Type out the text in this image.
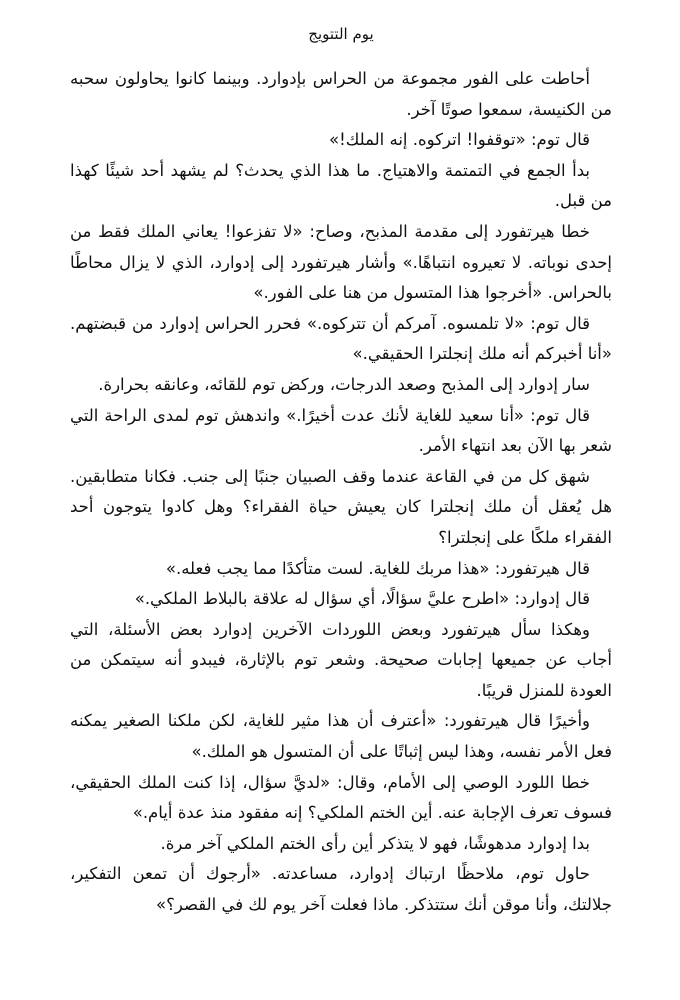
يوم التتويج

أحاطت على الفور مجموعة من الحراس بإدوارد. وبينما كانوا يحاولون سحبه من الكنيسة، سمعوا صوتًا آخر.

قال توم: «توقفوا! اتركوه. إنه الملك!»

بدأ الجمع في التمتمة والاهتياج. ما هذا الذي يحدث؟ لم يشهد أحد شيئًا كهذا من قبل.

خطا هيرتفورد إلى مقدمة المذبح، وصاح: «لا تفزعوا! يعاني الملك فقط من إحدى نوباته. لا تعيروه انتباهًا.» وأشار هيرتفورد إلى إدوارد، الذي لا يزال محاطًا بالحراس. «أخرجوا هذا المتسول من هنا على الفور.»

قال توم: «لا تلمسوه. آمركم أن تتركوه.» فحرر الحراس إدوارد من قبضتهم. «أنا أخبركم أنه ملك إنجلترا الحقيقي.»

سار إدوارد إلى المذبح وصعد الدرجات، وركض توم للقائه، وعانقه بحرارة.

قال توم: «أنا سعيد للغاية لأنك عدت أخيرًا.» واندهش توم لمدى الراحة التي شعر بها الآن بعد انتهاء الأمر.

شهق كل من في القاعة عندما وقف الصبيان جنبًا إلى جنب. فكانا متطابقين. هل يُعقل أن ملك إنجلترا كان يعيش حياة الفقراء؟ وهل كادوا يتوجون أحد الفقراء ملكًا على إنجلترا؟

قال هيرتفورد: «هذا مربك للغاية. لست متأكدًا مما يجب فعله.»

قال إدوارد: «اطرح عليَّ سؤالًا، أي سؤال له علاقة بالبلاط الملكي.»

وهكذا سأل هيرتفورد وبعض اللوردات الآخرين إدوارد بعض الأسئلة، التي أجاب عن جميعها إجابات صحيحة. وشعر توم بالإثارة، فيبدو أنه سيتمكن من العودة للمنزل قريبًا.

وأخيرًا قال هيرتفورد: «أعترف أن هذا مثير للغاية، لكن ملكنا الصغير يمكنه فعل الأمر نفسه، وهذا ليس إثباتًا على أن المتسول هو الملك.»

خطا اللورد الوصي إلى الأمام، وقال: «لديَّ سؤال، إذا كنت الملك الحقيقي، فسوف تعرف الإجابة عنه. أين الختم الملكي؟ إنه مفقود منذ عدة أيام.»

بدا إدوارد مدهوشًا، فهو لا يتذكر أين رأى الختم الملكي آخر مرة.

حاول توم، ملاحظًا ارتباك إدوارد، مساعدته. «أرجوك أن تمعن التفكير، جلالتك، وأنا موقن أنك ستتذكر. ماذا فعلت آخر يوم لك في القصر؟»
